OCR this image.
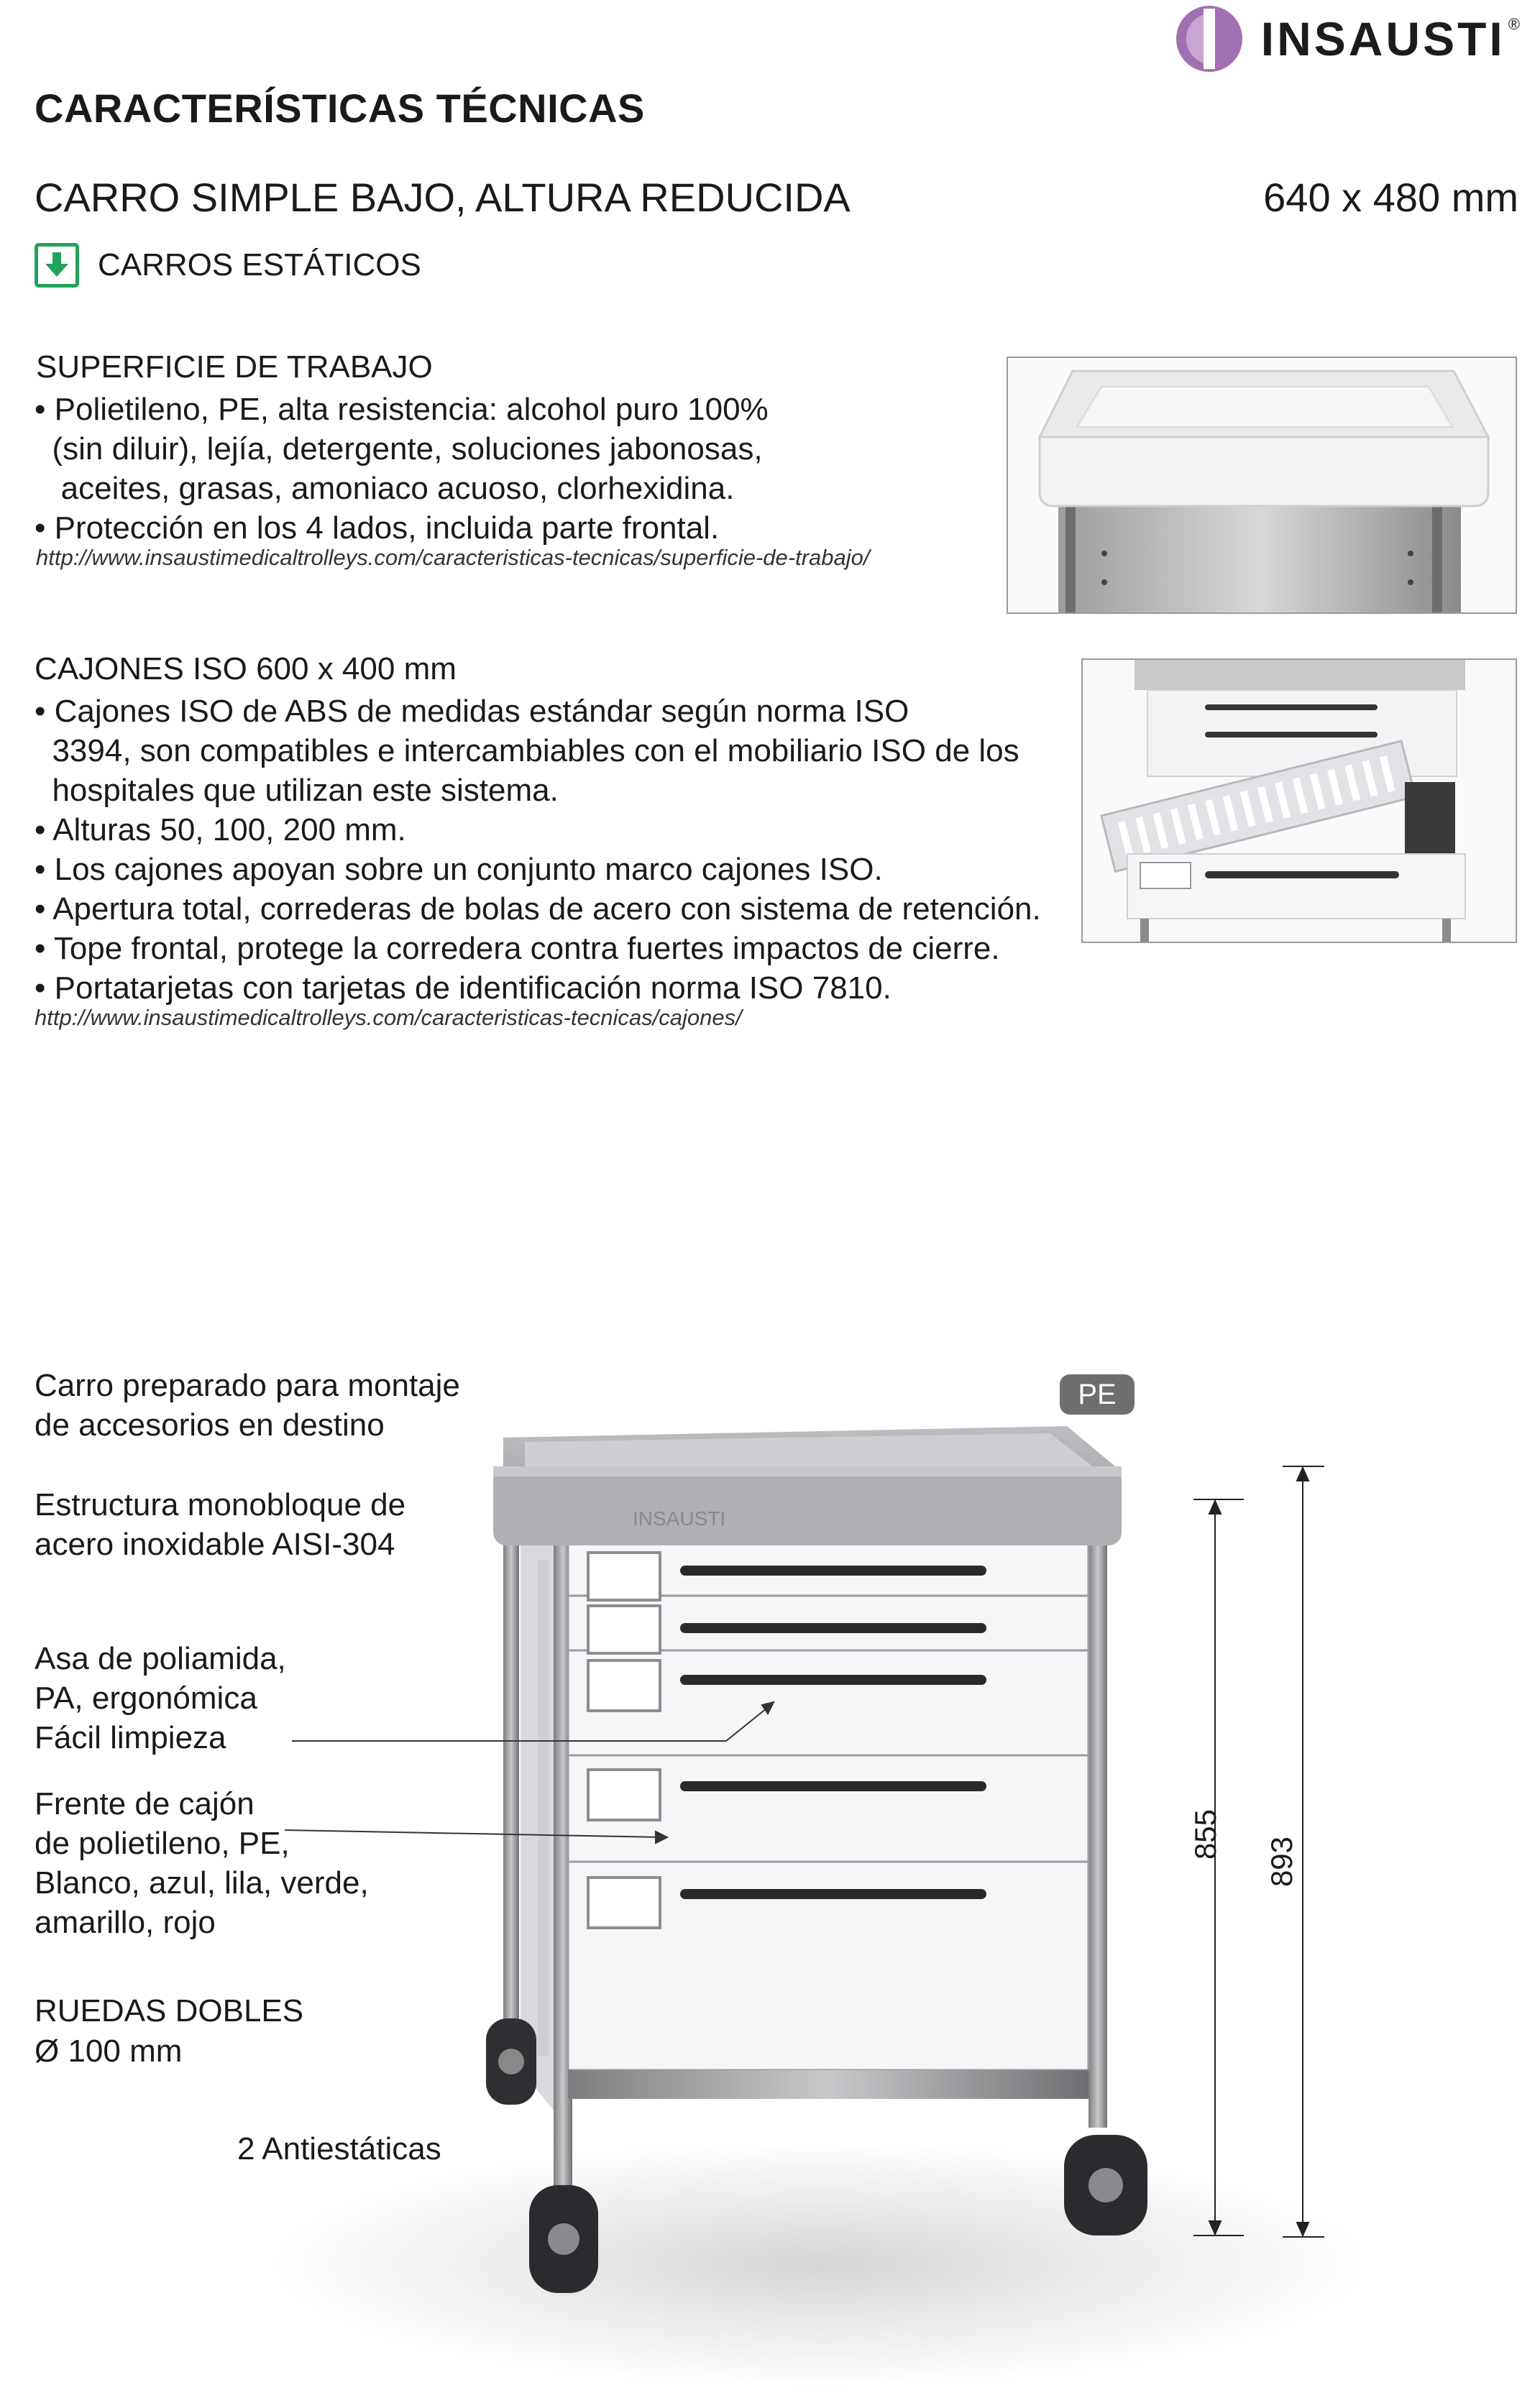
INSAUSTI ®
CARACTERÍSTICAS TÉCNICAS
CARRO SIMPLE BAJO, ALTURA REDUCIDA	640 x 480 mm
CARROS ESTÁTICOS
SUPERFICIE DE TRABAJO
• Polietileno, PE, alta resistencia: alcohol puro 100%
(sin diluir), lejía, detergente, soluciones jabonosas,
aceites, grasas, amoniaco acuoso, clorhexidina.
• Protección en los 4 lados, incluida parte frontal.
http://www.insaustimedicaltrolleys.com/caracteristicas-tecnicas/superficie-de-trabajo/
CAJONES ISO 600 x 400 mm
• Cajones ISO de ABS de medidas estándar según norma ISO
3394, son compatibles e intercambiables con el mobiliario ISO de los
hospitales que utilizan este sistema.
• Alturas 50, 100, 200 mm.
• Los cajones apoyan sobre un conjunto marco cajones ISO.
• Apertura total, correderas de bolas de acero con sistema de retención.
• Tope frontal, protege la corredera contra fuertes impactos de cierre.
• Portatarjetas con tarjetas de identificación norma ISO 7810.
http://www.insaustimedicaltrolleys.com/caracteristicas-tecnicas/cajones/
Carro preparado para montaje
de accesorios en destino
Estructura monobloque de
acero inoxidable AISI-304
Asa de poliamida,
PA, ergonómica
Fácil limpieza
Frente de cajón
de polietileno, PE,
Blanco, azul, lila, verde,
amarillo, rojo
RUEDAS DOBLES
Ø 100 mm
2 Antiestáticas
PE
INSAUSTI
855
893
